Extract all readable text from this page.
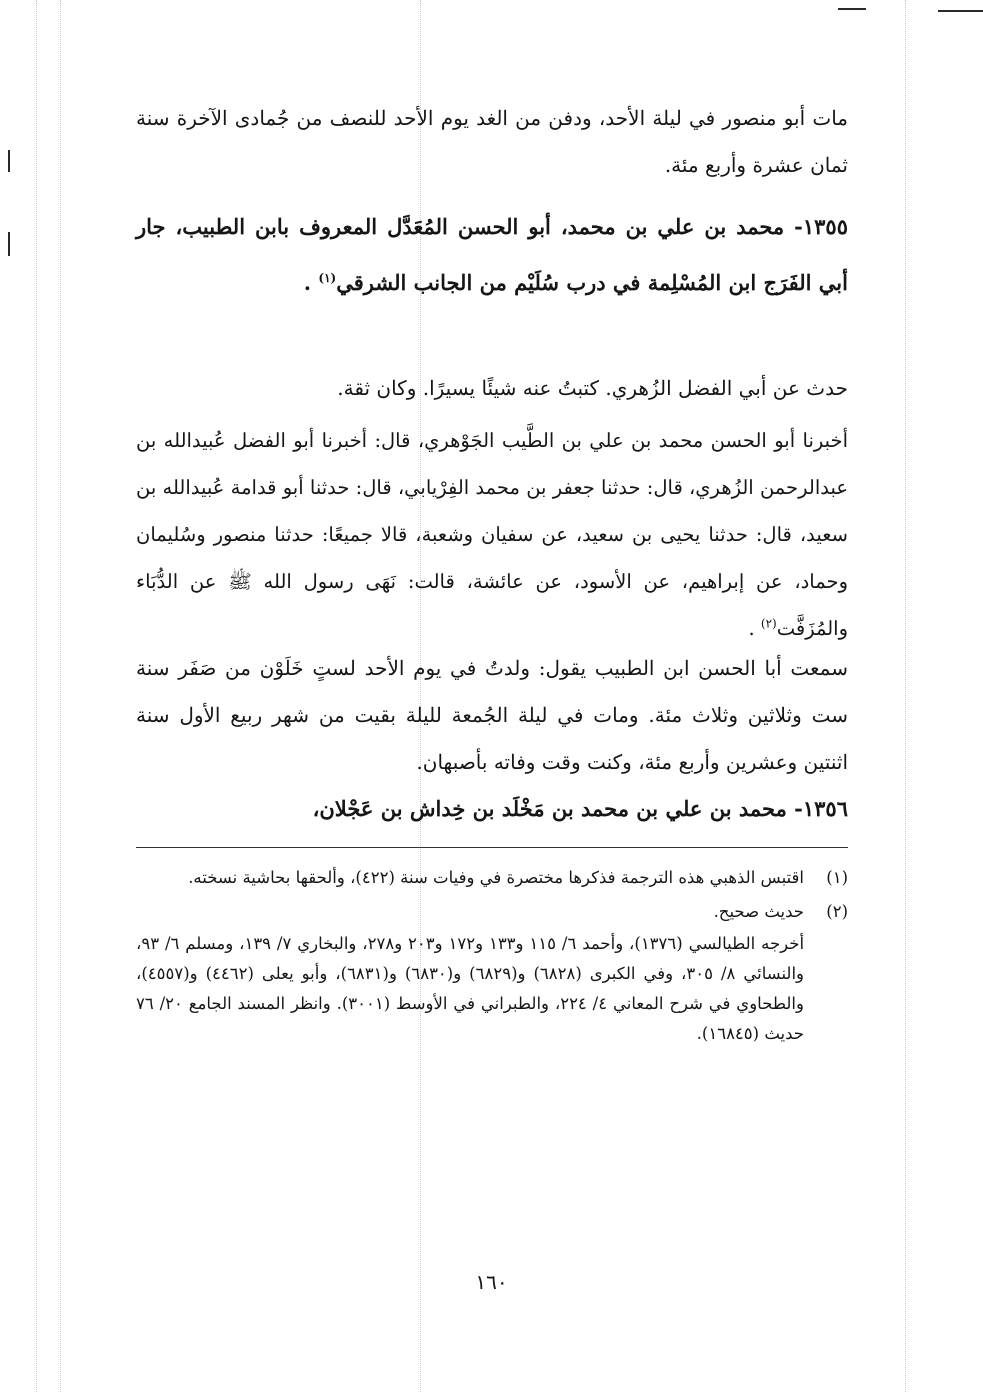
مات أبو منصور في ليلة الأحد، ودفن من الغد يوم الأحد للنصف من جُمادى الآخرة سنة ثمان عشرة وأربع مئة.

١٣٥٥- محمد بن علي بن محمد، أبو الحسن المُعَدَّل المعروف بابن الطبيب، جار أبي الفَرَج ابن المُسْلِمة في درب سُلَيْم من الجانب الشرقي$^{(١)}$ .

حدث عن أبي الفضل الزُهري. كتبتُ عنه شيئًا يسيرًا. وكان ثقة.

أخبرنا أبو الحسن محمد بن علي بن الطَّيب الجَوْهري، قال: أخبرنا أبو الفضل عُبيدالله بن عبدالرحمن الزُهري، قال: حدثنا جعفر بن محمد الفِرْيابي، قال: حدثنا أبو قدامة عُبيدالله بن سعيد، قال: حدثنا يحيى بن سعيد، عن سفيان وشعبة، قالا جميعًا: حدثنا منصور وسُليمان وحماد، عن إبراهيم، عن الأسود، عن عائشة، قالت: نَهَى رسول الله ﷺ عن الدُّبَاء والمُزَفَّت$^{(٢)}$ .

سمعت أبا الحسن ابن الطبيب يقول: ولدتُ في يوم الأحد لستٍ خَلَوْن من صَفَر سنة ست وثلاثين وثلاث مئة. ومات في ليلة الجُمعة لليلة بقيت من شهر ربيع الأول سنة اثنتين وعشرين وأربع مئة، وكنت وقت وفاته بأصبهان.

١٣٥٦- محمد بن علي بن محمد بن مَخْلَد بن خِداش بن عَجْلان،

(١)
اقتبس الذهبي هذه الترجمة فذكرها مختصرة في وفيات سنة (٤٢٢)، وألحقها بحاشية نسخته.
(٢)
حديث صحيح.
أخرجه الطيالسي (١٣٧٦)، وأحمد ٦/ ١١٥ و١٣٣ و١٧٢ و٢٠٣ و٢٧٨، والبخاري ٧/ ١٣٩، ومسلم ٦/ ٩٣، والنسائي ٨/ ٣٠٥، وفي الكبرى (٦٨٢٨) و(٦٨٢٩) و(٦٨٣٠) و(٦٨٣١)، وأبو يعلى (٤٤٦٢) و(٤٥٥٧)، والطحاوي في شرح المعاني ٤/ ٢٢٤، والطبراني في الأوسط (٣٠٠١). وانظر المسند الجامع ٢٠/ ٧٦ حديث (١٦٨٤٥).
١٦٠
